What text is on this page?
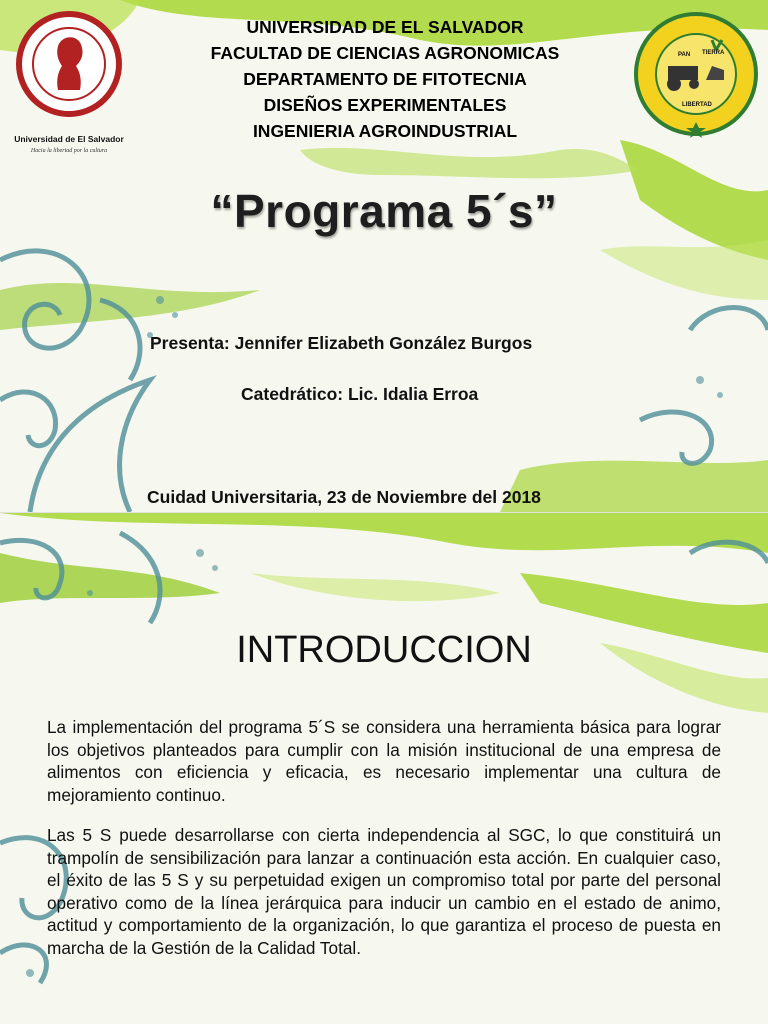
Universidad de El Salvador
Hacia la libertad por la cultura
UNIVERSIDAD DE EL SALVADOR
FACULTAD DE CIENCIAS AGRONOMICAS
DEPARTAMENTO DE FITOTECNIA
DISEÑOS EXPERIMENTALES
INGENIERIA AGROINDUSTRIAL
PAN TIERRA
LIBERTAD
“Programa 5´s”
Presenta: Jennifer Elizabeth González Burgos
Catedrático: Lic. Idalia Erroa
Cuidad Universitaria, 23 de Noviembre del 2018
INTRODUCCION
La implementación del programa 5´S se considera una herramienta básica para lograr los objetivos planteados para cumplir con la misión institucional de una empresa de alimentos con eficiencia y eficacia, es necesario implementar una cultura de mejoramiento continuo.
Las 5 S puede desarrollarse con cierta independencia al SGC, lo que constituirá un trampolín de sensibilización para lanzar a continuación esta acción. En cualquier caso, el éxito de las 5 S y su perpetuidad exigen un compromiso total por parte del personal operativo como de la línea jerárquica para inducir un cambio en el estado de animo, actitud y comportamiento de la organización, lo que garantiza el proceso de puesta en marcha de la Gestión de la Calidad Total.
